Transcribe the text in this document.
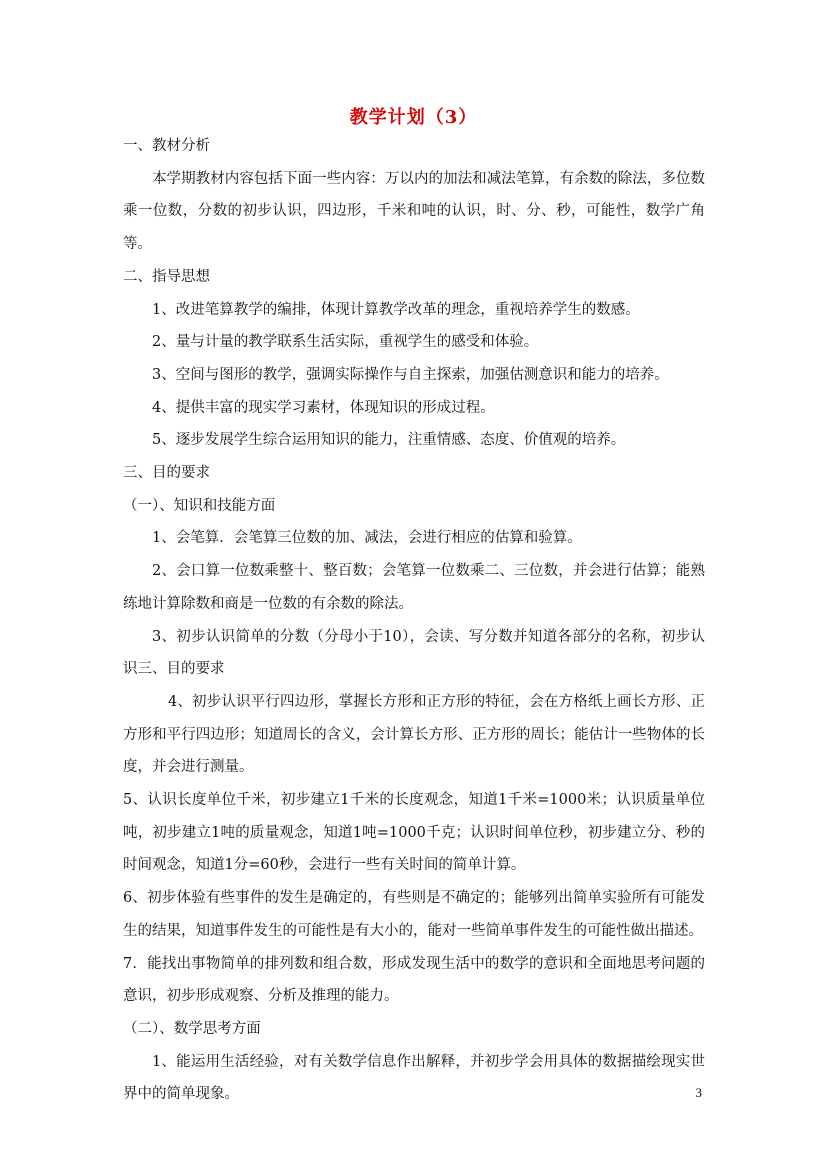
教学计划（3）

一、教材分析

本学期教材内容包括下面一些内容：万以内的加法和减法笔算，有余数的除法，多位数乘一位数，分数的初步认识，四边形，千米和吨的认识，时、分、秒，可能性，数学广角等。

二、指导思想

1、改进笔算教学的编排，体现计算教学改革的理念，重视培养学生的数感。

2、量与计量的教学联系生活实际，重视学生的感受和体验。

3、空间与图形的教学，强调实际操作与自主探索，加强估测意识和能力的培养。

4、提供丰富的现实学习素材，体现知识的形成过程。

5、逐步发展学生综合运用知识的能力，注重情感、态度、价值观的培养。

三、目的要求

（一）、知识和技能方面

1、会笔算．会笔算三位数的加、减法，会进行相应的估算和验算。

2、会口算一位数乘整十、整百数；会笔算一位数乘二、三位数，并会进行估算；能熟练地计算除数和商是一位数的有余数的除法。

3、初步认识简单的分数（分母小于10），会读、写分数并知道各部分的名称，初步认识三、目的要求

4、初步认识平行四边形，掌握长方形和正方形的特征，会在方格纸上画长方形、正方形和平行四边形；知道周长的含义，会计算长方形、正方形的周长；能估计一些物体的长度，并会进行测量。

5、认识长度单位千米，初步建立1千米的长度观念，知道1千米=1000米；认识质量单位吨，初步建立1吨的质量观念，知道1吨=1000千克；认识时间单位秒，初步建立分、秒的时间观念，知道1分=60秒，会进行一些有关时间的简单计算。

6、初步体验有些事件的发生是确定的，有些则是不确定的；能够列出简单实验所有可能发生的结果，知道事件发生的可能性是有大小的，能对一些简单事件发生的可能性做出描述。

7．能找出事物简单的排列数和组合数，形成发现生活中的数学的意识和全面地思考问题的意识，初步形成观察、分析及推理的能力。

（二）、数学思考方面

1、能运用生活经验，对有关数学信息作出解释，并初步学会用具体的数据描绘现实世界中的简单现象。	3
